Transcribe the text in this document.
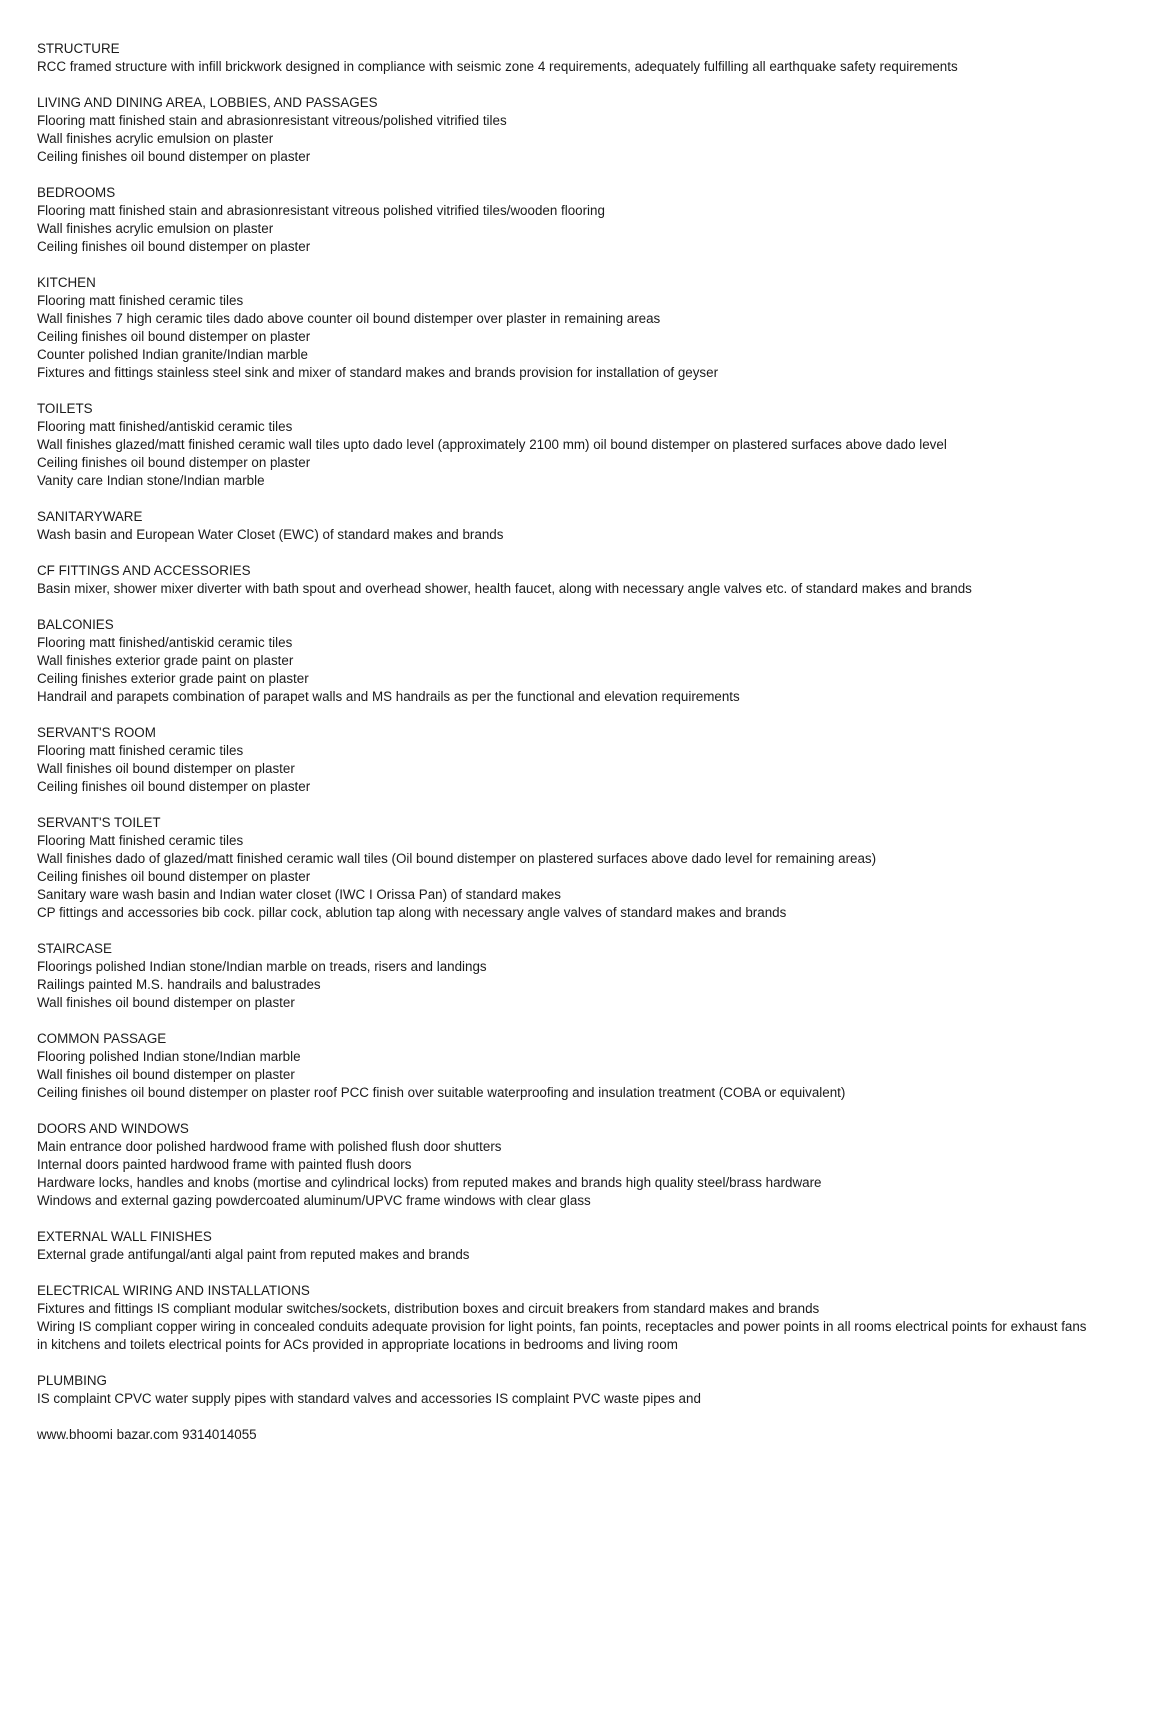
STRUCTURE
RCC framed structure with infill brickwork designed in compliance with seismic zone 4 requirements, adequately fulfilling all earthquake safety requirements
LIVING AND DINING AREA, LOBBIES, AND PASSAGES
Flooring matt finished stain and abrasionresistant vitreous/polished vitrified tiles
Wall finishes acrylic emulsion on plaster
Ceiling finishes oil bound distemper on plaster
BEDROOMS
Flooring matt finished stain and abrasionresistant vitreous polished vitrified tiles/wooden flooring
Wall finishes acrylic emulsion on plaster
Ceiling finishes oil bound distemper on plaster
KITCHEN
Flooring matt finished ceramic tiles
Wall finishes 7 high ceramic tiles dado above counter oil bound distemper over plaster in remaining areas
Ceiling finishes oil bound distemper on plaster
Counter polished Indian granite/Indian marble
Fixtures and fittings stainless steel sink and mixer of standard makes and brands provision for installation of geyser
TOILETS
Flooring matt finished/antiskid ceramic tiles
Wall finishes glazed/matt finished ceramic wall tiles upto dado level (approximately 2100 mm) oil bound distemper on plastered surfaces above dado level
Ceiling finishes oil bound distemper on plaster
Vanity care Indian stone/Indian marble
SANITARYWARE
Wash basin and European Water Closet (EWC) of standard makes and brands
CF FITTINGS AND ACCESSORIES
Basin mixer, shower mixer diverter with bath spout and overhead shower, health faucet, along with necessary angle valves etc. of standard makes and brands
BALCONIES
Flooring matt finished/antiskid ceramic tiles
Wall finishes exterior grade paint on plaster
Ceiling finishes exterior grade paint on plaster
Handrail and parapets combination of parapet walls and MS handrails as per the functional and elevation requirements
SERVANT'S ROOM
Flooring matt finished ceramic tiles
Wall finishes oil bound distemper on plaster
Ceiling finishes oil bound distemper on plaster
SERVANT'S TOILET
Flooring Matt finished ceramic tiles
Wall finishes dado of glazed/matt finished ceramic wall tiles (Oil bound distemper on plastered surfaces above dado level for remaining areas)
Ceiling finishes oil bound distemper on plaster
Sanitary ware wash basin and Indian water closet (IWC I Orissa Pan) of standard makes
CP fittings and accessories bib cock. pillar cock, ablution tap along with necessary angle valves of standard makes and brands
STAIRCASE
Floorings polished Indian stone/Indian marble on treads, risers and landings
Railings painted M.S. handrails and balustrades
Wall finishes oil bound distemper on plaster
COMMON PASSAGE
Flooring polished Indian stone/Indian marble
Wall finishes oil bound distemper on plaster
Ceiling finishes oil bound distemper on plaster roof PCC finish over suitable waterproofing and insulation treatment (COBA or equivalent)
DOORS AND WINDOWS
Main entrance door polished hardwood frame with polished flush door shutters
Internal doors painted hardwood frame with painted flush doors
Hardware locks, handles and knobs (mortise and cylindrical locks) from reputed makes and brands high quality steel/brass hardware
Windows and external gazing powdercoated aluminum/UPVC frame windows with clear glass
EXTERNAL WALL FINISHES
External grade antifungal/anti algal paint from reputed makes and brands
ELECTRICAL WIRING AND INSTALLATIONS
Fixtures and fittings IS compliant modular switches/sockets, distribution boxes and circuit breakers from standard makes and brands
Wiring IS compliant copper wiring in concealed conduits adequate provision for light points, fan points, receptacles and power points in all rooms electrical points for exhaust fans
in kitchens and toilets electrical points for ACs provided in appropriate locations in bedrooms and living room
PLUMBING
IS complaint CPVC water supply pipes with standard valves and accessories IS complaint PVC waste pipes and
www.bhoomi bazar.com 9314014055
